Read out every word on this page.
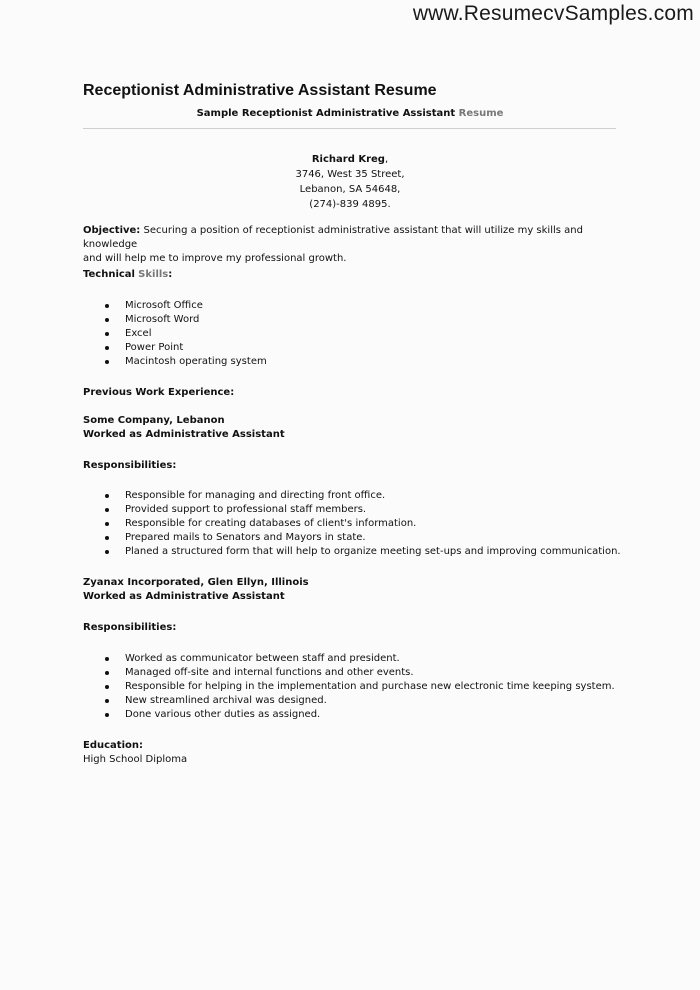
www.ResumecvSamples.com
Receptionist Administrative Assistant Resume
Sample Receptionist Administrative Assistant Resume
Richard Kreg,
3746, West 35 Street,
Lebanon, SA 54648,
(274)-839 4895.
Objective: Securing a position of receptionist administrative assistant that will utilize my skills and knowledge
and will help me to improve my professional growth.
Technical Skills:
Microsoft Office
Microsoft Word
Excel
Power Point
Macintosh operating system
Previous Work Experience:
Some Company, Lebanon
Worked as Administrative Assistant
Responsibilities:
Responsible for managing and directing front office.
Provided support to professional staff members.
Responsible for creating databases of client's information.
Prepared mails to Senators and Mayors in state.
Planed a structured form that will help to organize meeting set-ups and improving communication.
Zyanax Incorporated, Glen Ellyn, Illinois
Worked as Administrative Assistant
Responsibilities:
Worked as communicator between staff and president.
Managed off-site and internal functions and other events.
Responsible for helping in the implementation and purchase new electronic time keeping system.
New streamlined archival was designed.
Done various other duties as assigned.
Education:
High School Diploma
